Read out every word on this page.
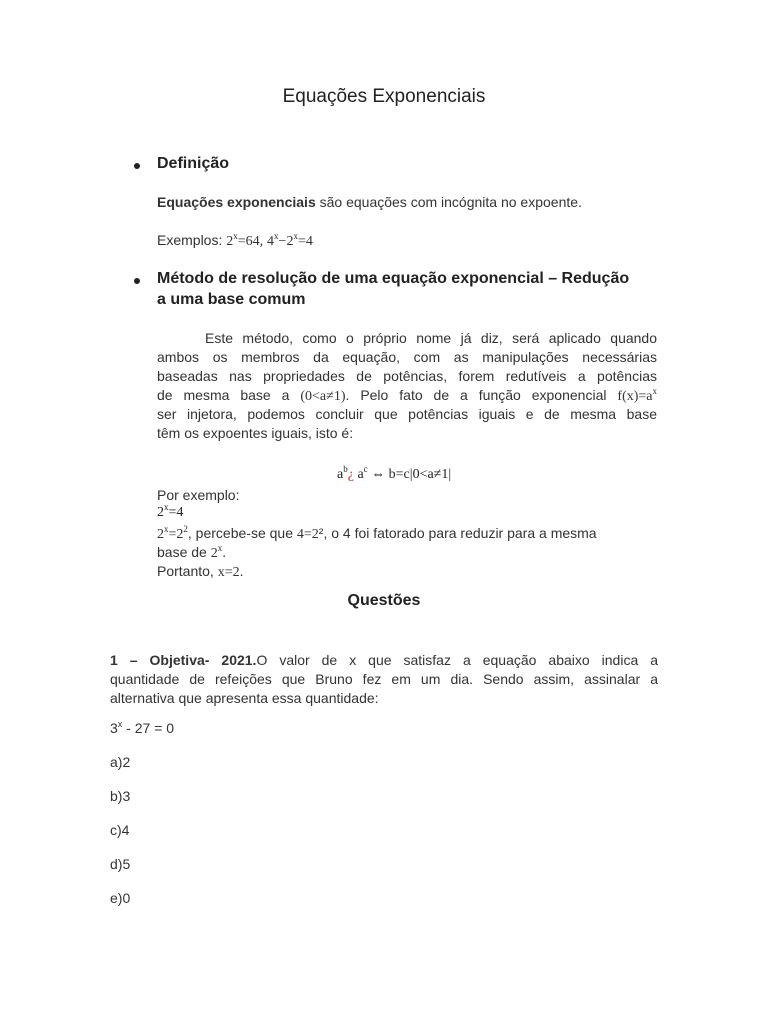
Equações Exponenciais
Definição
Equações exponenciais são equações com incógnita no expoente.
Exemplos: $2^x=64$, $4^x-2^x=4$
Método de resolução de uma equação exponencial – Redução
a uma base comum
Este método, como o próprio nome já diz, será aplicado quando
ambos os membros da equação, com as manipulações necessárias
baseadas nas propriedades de potências, forem redutíveis a potências
de mesma base a (0<a≠1). Pelo fato de a função exponencial $f(x)=a^x$
ser injetora, podemos concluir que potências iguais e de mesma base
têm os expoentes iguais, isto é:
$a^b¿$ $a^c$ ⇔ b=c|0<a≠1|
Por exemplo:
$2^x=4$
$2^x=2^2$, percebe-se que 4=2², o 4 foi fatorado para reduzir para a mesma
base de 2$^x$.
Portanto, x=2.
Questões
1 – Objetiva- 2021.O valor de x que satisfaz a equação abaixo indica a
quantidade de refeições que Bruno fez em um dia. Sendo assim, assinalar a
alternativa que apresenta essa quantidade:
3$^x$ - 27 = 0
a)2
b)3
c)4
d)5
e)0
